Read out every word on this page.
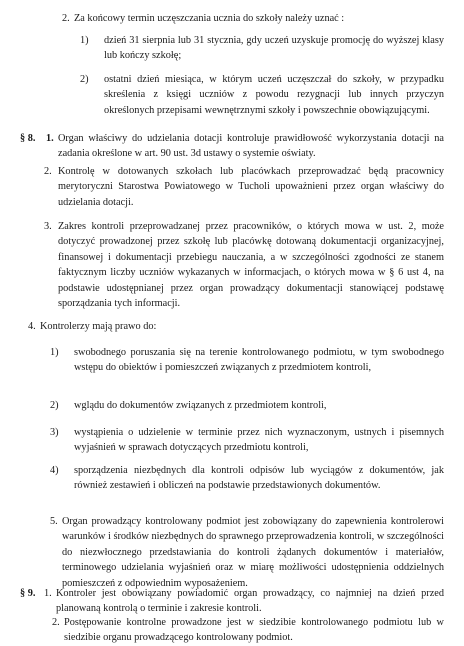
2. Za końcowy termin uczęszczania ucznia do szkoły należy uznać :

1) dzień 31 sierpnia lub 31 stycznia, gdy uczeń uzyskuje promocję do wyższej klasy lub kończy szkołę;

2) ostatni dzień miesiąca, w którym uczeń uczęszczał do szkoły, w przypadku skreślenia z księgi uczniów z powodu rezygnacji lub innych przyczyn określonych przepisami wewnętrznymi szkoły i powszechnie obowiązującymi.

§ 8. 1. Organ właściwy do udzielania dotacji kontroluje prawidłowość wykorzystania dotacji na zadania określone w art. 90 ust. 3d ustawy o systemie oświaty.

2. Kontrolę w dotowanych szkołach lub placówkach przeprowadzać będą pracownicy merytoryczni Starostwa Powiatowego w Tucholi upoważnieni przez organ właściwy do udzielania dotacji.

3. Zakres kontroli przeprowadzanej przez pracowników, o których mowa w ust. 2, może dotyczyć prowadzonej przez szkołę lub placówkę dotowaną dokumentacji organizacyjnej, finansowej i dokumentacji przebiegu nauczania, a w szczególności zgodności ze stanem faktycznym liczby uczniów wykazanych w informacjach, o których mowa w § 6 ust 4, na podstawie udostępnianej przez organ prowadzący dokumentacji stanowiącej podstawę sporządzania tych informacji.

4. Kontrolerzy mają prawo do:

1) swobodnego poruszania się na terenie kontrolowanego podmiotu, w tym swobodnego wstępu do obiektów i pomieszczeń związanych z przedmiotem kontroli,

2) wglądu do dokumentów związanych z przedmiotem kontroli,

3) wystąpienia o udzielenie w terminie przez nich wyznaczonym, ustnych i pisemnych wyjaśnień w sprawach dotyczących przedmiotu kontroli,

4) sporządzenia niezbędnych dla kontroli odpisów lub wyciągów z dokumentów, jak również zestawień i obliczeń na podstawie przedstawionych dokumentów.

5. Organ prowadzący kontrolowany podmiot jest zobowiązany do zapewnienia kontrolerowi warunków i środków niezbędnych do sprawnego przeprowadzenia kontroli, w szczególności do niezwłocznego przedstawiania do kontroli żądanych dokumentów i materiałów, terminowego udzielania wyjaśnień oraz w miarę możliwości udostępnienia oddzielnych pomieszczeń z odpowiednim wyposażeniem.

§ 9. 1. Kontroler jest obowiązany powiadomić organ prowadzący, co najmniej na dzień przed planowaną kontrolą o terminie i zakresie kontroli.

2. Postępowanie kontrolne prowadzone jest w siedzibie kontrolowanego podmiotu lub w siedzibie organu prowadzącego kontrolowany podmiot.
